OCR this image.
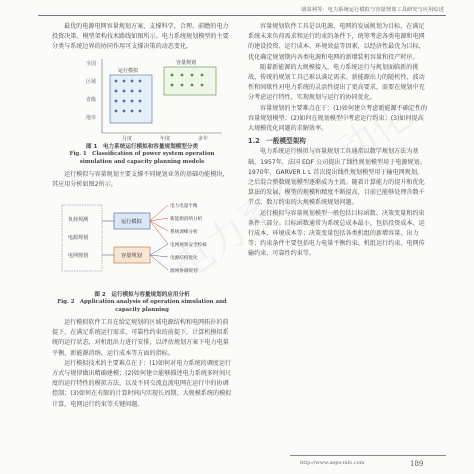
骆泉利等：电力系统运行模拟与容量规划工具研究与应用综述

最优的电源电网容量规划方案、支撑科学、合理、前瞻的电力投资决策、模型架构技术路线如图所示。电力系统规划模型的主要分类与系统边界的协同作用可支撑决策的动态变化。

全国
区域
省级
地市
月度	年度	多年
运行模拟
容量规划
图 1　电力系统运行模拟和容量规划模型分类
Fig. 1　Classification of power system operation
simulation and capacity planning models

运行模拟与容量规划主要支撑不同规划业务的基础功能模块，其应用分析如图2所示。

负荷预测
电源规划
电网规划
运行模拟
容量规划
电力电量平衡
新能源消纳分析
系统调峰分析
电网规划安全校核
电源结构优化
源网协调规划
图 2　运行模拟与容量规划的应用分析
Fig. 2　Application analysis of operation simulation and
capacity planning

运行模拟软件工具在给定规划的区域电源结构和电网拓扑的前提下，在满足系统运行需求、可靠性约束的前提下，计算机模拟系统的运行状态，对机组出力进行安排，以评估规划方案下电力电量平衡、新能源消纳、运行成本等方面的指标。

运行模拟技术的主要难点在于：(1)如何对电力系统的调度运行方式与规律做出精确建模；(2)如何建立能够描述电力系统多时间尺度的运行特性的模拟方法，以及不同交流直流电网在运行中的协调控制；(3)如何在有限的计算时间内实现长周期、大规模系统的模拟计算，电网运行约束等关键问题。

容量规划软件工具是以电源、电网的发展规划为目标，在满足系统未来负荷需求和运行约束的条件下，统筹考虑各类电源和电网的建设投资、运行成本、环境效益等因素，以经济性最优为目标，优化确定规划期内各类电源和电网的新增装机容量和投产时序。

随着新能源的大规模接入，电力系统运行与规划面临新的挑战，传统的规划工具已难以满足需求。新能源出力的随机性、波动性和间歇性对电力系统的灵活性提出了更高要求，需要在规划中充分考虑运行特性，实现规划与运行的协同优化。

容量规划的主要难点在于：(1)如何建立考虑新能源不确定性的容量规划模型；(2)如何在规划模型中考虑运行约束；(3)如何提高大规模优化问题的求解效率。

1.2　一般模型架构

电力系统运行模拟与容量规划工具通常以数学规划方法为基础，1957年，法国 EDF 公司提出了线性规划模型用于电源规划。1970年，GARVER L L 首次提出线性规划模型用于输电网规划，之后混合整数规划模型逐渐成为主流。随着计算能力的提升和优化算法的发展，模型的规模和精度不断提高，目前已能够处理含数千节点、数万约束的大规模系统规划问题。

运行模拟与容量规划模型一般包括目标函数、决策变量和约束条件三部分。目标函数通常为系统总成本最小，包括投资成本、运行成本、环境成本等；决策变量包括各类机组的新增容量、出力等；约束条件主要包括电力电量平衡约束、机组运行约束、电网传输约束、可靠性约束等。

http://www.aeps-info.com	189
